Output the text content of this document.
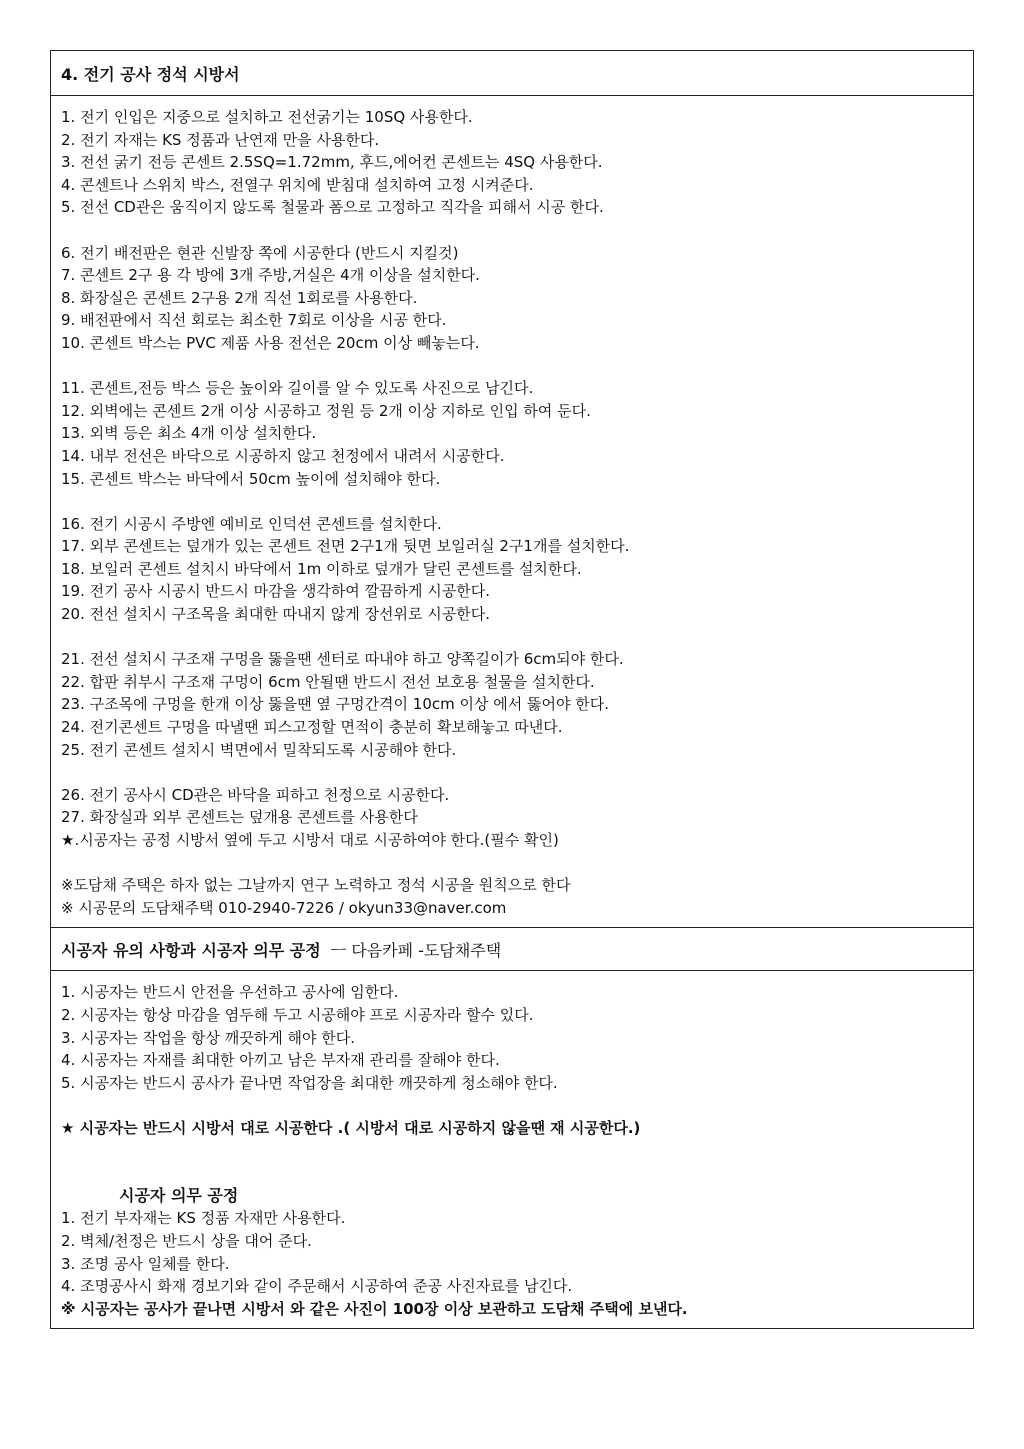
4. 전기 공사 정석 시방서
1. 전기 인입은 지중으로 설치하고 전선굵기는 10SQ 사용한다.
2. 전기 자재는 KS 정품과 난연재 만을 사용한다.
3. 전선 굵기 전등 콘센트 2.5SQ=1.72mm, 후드,에어컨 콘센트는 4SQ 사용한다.
4. 콘센트나 스위치 박스, 전열구 위치에 받침대 설치하여 고정 시켜준다.
5. 전선 CD관은 움직이지 않도록 철물과 폼으로 고정하고 직각을 피해서 시공 한다.
6. 전기 배전판은 현관 신발장 쪽에 시공한다 (반드시 지킬것)
7. 콘센트 2구 용 각 방에 3개 주방,거실은 4개 이상을 설치한다.
8. 화장실은 콘센트 2구용 2개 직선 1회로를 사용한다.
9. 배전판에서 직선 회로는 최소한 7회로 이상을 시공 한다.
10. 콘센트 박스는 PVC 제품 사용 전선은 20cm 이상 빼놓는다.
11. 콘센트,전등 박스 등은 높이와 길이를 알 수 있도록 사진으로 남긴다.
12. 외벽에는 콘센트 2개 이상 시공하고 정원 등 2개 이상 지하로 인입 하여 둔다.
13. 외벽 등은 최소 4개 이상 설치한다.
14. 내부 전선은 바닥으로 시공하지 않고 천정에서 내려서 시공한다.
15. 콘센트 박스는 바닥에서 50cm 높이에 설치해야 한다.
16. 전기 시공시 주방엔 예비로 인덕션 콘센트를 설치한다.
17. 외부 콘센트는 덮개가 있는 콘센트 전면 2구1개 뒷면 보일러실 2구1개를 설치한다.
18. 보일러 콘센트 설치시 바닥에서 1m 이하로 덮개가 달린 콘센트를 설치한다.
19. 전기 공사 시공시 반드시 마감을 생각하여 깔끔하게 시공한다.
20. 전선 설치시 구조목을 최대한 따내지 않게 장선위로 시공한다.
21. 전선 설치시 구조재 구멍을 뚫을땐 센터로 따내야 하고 양쪽길이가 6cm되야 한다.
22. 합판 취부시 구조재 구멍이 6cm 안될땐 반드시 전선 보호용 철물을 설치한다.
23. 구조목에 구멍을 한개 이상 뚫을땐 옆 구멍간격이 10cm 이상 에서 뚫어야 한다.
24. 전기콘센트 구멍을 따낼땐 피스고정할 면적이 충분히 확보해놓고 따낸다.
25. 전기 콘센트 설치시 벽면에서 밀착되도록 시공해야 한다.
26. 전기 공사시 CD관은 바닥을 피하고 천정으로 시공한다.
27. 화장실과 외부 콘센트는 덮개용 콘센트를 사용한다
★.시공자는 공정 시방서 옆에 두고 시방서 대로 시공하여야 한다.(필수 확인)
※도담채 주택은 하자 없는 그날까지 연구 노력하고 정석 시공을 원칙으로 한다
※ 시공문의 도담채주택 010-2940-7226 / okyun33@naver.com
시공자 유의 사항과 시공자 의무 공정 ㅡ 다음카페 -도담채주택
1. 시공자는 반드시 안전을 우선하고 공사에 임한다.
2. 시공자는 항상 마감을 염두해 두고 시공해야 프로 시공자라 할수 있다.
3. 시공자는 작업을 항상 깨끗하게 해야 한다.
4. 시공자는 자재를 최대한 아끼고 남은 부자재 관리를 잘해야 한다.
5. 시공자는 반드시 공사가 끝나면 작업장을 최대한 깨끗하게 청소해야 한다.
★ 시공자는 반드시 시방서 대로 시공한다 .( 시방서 대로 시공하지 않을땐 재 시공한다.)
시공자 의무 공정
1. 전기 부자재는 KS 정품 자재만 사용한다.
2. 벽체/천정은 반드시 상을 대어 준다.
3. 조명 공사 일체를 한다.
4. 조명공사시 화재 경보기와 같이 주문해서 시공하여 준공 사진자료를 남긴다.
※ 시공자는 공사가 끝나면 시방서 와 같은 사진이 100장 이상 보관하고 도담채 주택에 보낸다.
